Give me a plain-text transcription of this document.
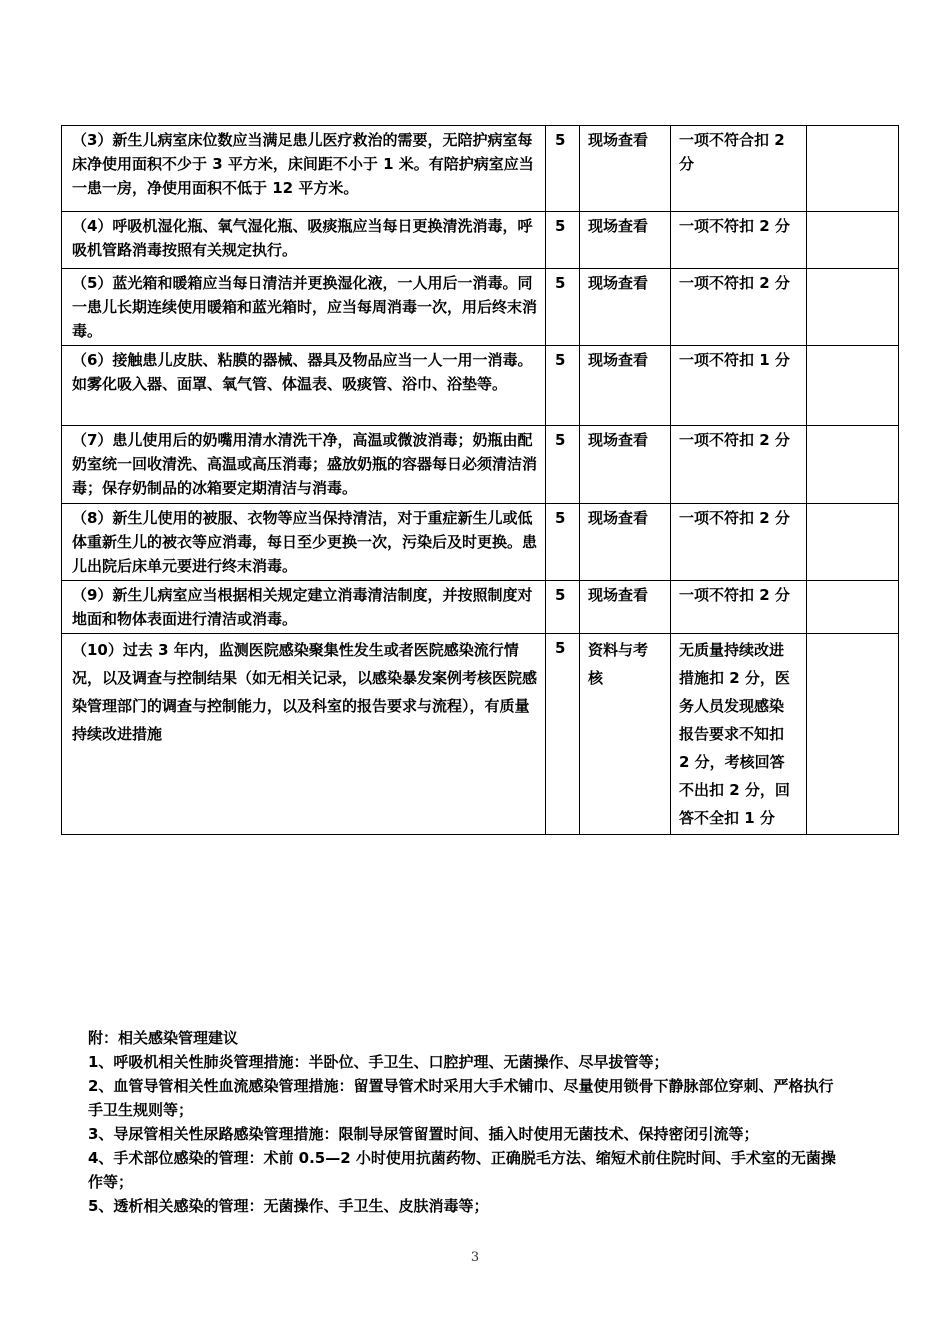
（3）新生儿病室床位数应当满足患儿医疗救治的需要，无陪护病室每床净使用面积不少于 3 平方米，床间距不小于 1 米。有陪护病室应当一患一房，净使用面积不低于 12 平方米。	5	现场查看	一项不符合扣 2 分	
（4）呼吸机湿化瓶、氧气湿化瓶、吸痰瓶应当每日更换清洗消毒，呼吸机管路消毒按照有关规定执行。	5	现场查看	一项不符扣 2 分	
（5）蓝光箱和暖箱应当每日清洁并更换湿化液，一人用后一消毒。同一患儿长期连续使用暖箱和蓝光箱时，应当每周消毒一次，用后终末消毒。	5	现场查看	一项不符扣 2 分	
（6）接触患儿皮肤、粘膜的器械、器具及物品应当一人一用一消毒。如雾化吸入器、面罩、氧气管、体温表、吸痰管、浴巾、浴垫等。	5	现场查看	一项不符扣 1 分	
（7）患儿使用后的奶嘴用清水清洗干净，高温或微波消毒；奶瓶由配奶室统一回收清洗、高温或高压消毒；盛放奶瓶的容器每日必须清洁消毒；保存奶制品的冰箱要定期清洁与消毒。	5	现场查看	一项不符扣 2 分	
（8）新生儿使用的被服、衣物等应当保持清洁，对于重症新生儿或低体重新生儿的被衣等应消毒，每日至少更换一次，污染后及时更换。患儿出院后床单元要进行终末消毒。	5	现场查看	一项不符扣 2 分	
（9）新生儿病室应当根据相关规定建立消毒清洁制度，并按照制度对地面和物体表面进行清洁或消毒。	5	现场查看	一项不符扣 2 分	
（10）过去 3 年内，监测医院感染聚集性发生或者医院感染流行情况，以及调查与控制结果（如无相关记录，以感染暴发案例考核医院感染管理部门的调查与控制能力，以及科室的报告要求与流程），有质量持续改进措施	5	资料与考核	无质量持续改进措施扣 2 分，医务人员发现感染报告要求不知扣 2 分，考核回答不出扣 2 分，回答不全扣 1 分	

附：相关感染管理建议

1、呼吸机相关性肺炎管理措施：半卧位、手卫生、口腔护理、无菌操作、尽早拔管等；

2、血管导管相关性血流感染管理措施：留置导管术时采用大手术铺巾、尽量使用锁骨下静脉部位穿刺、严格执行手卫生规则等；

3、导尿管相关性尿路感染管理措施：限制导尿管留置时间、插入时使用无菌技术、保持密闭引流等；

4、手术部位感染的管理：术前 0.5—2 小时使用抗菌药物、正确脱毛方法、缩短术前住院时间、手术室的无菌操作等；

5、透析相关感染的管理：无菌操作、手卫生、皮肤消毒等；

3
